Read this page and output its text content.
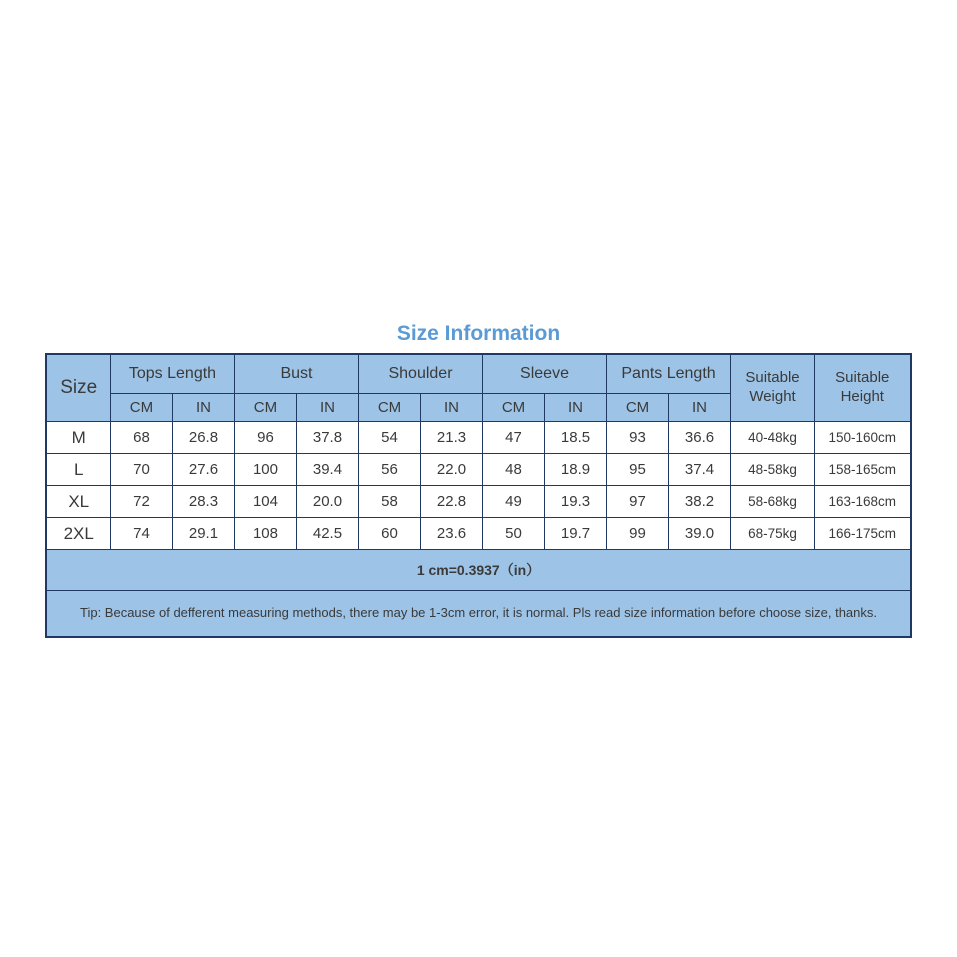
Size Information
Size	Tops Length		Bust		Shoulder		Sleeve		Pants Length		Suitable Weight	Suitable Height
	CM	IN	CM	IN	CM	IN	CM	IN	CM	IN		
M	68	26.8	96	37.8	54	21.3	47	18.5	93	36.6	40-48kg	150-160cm
L	70	27.6	100	39.4	56	22.0	48	18.9	95	37.4	48-58kg	158-165cm
XL	72	28.3	104	20.0	58	22.8	49	19.3	97	38.2	58-68kg	163-168cm
2XL	74	29.1	108	42.5	60	23.6	50	19.7	99	39.0	68-75kg	166-175cm
1 cm=0.3937（in）												
Tip: Because of defferent measuring methods, there may be 1-3cm error, it is normal. Pls read size information before choose size, thanks.												
